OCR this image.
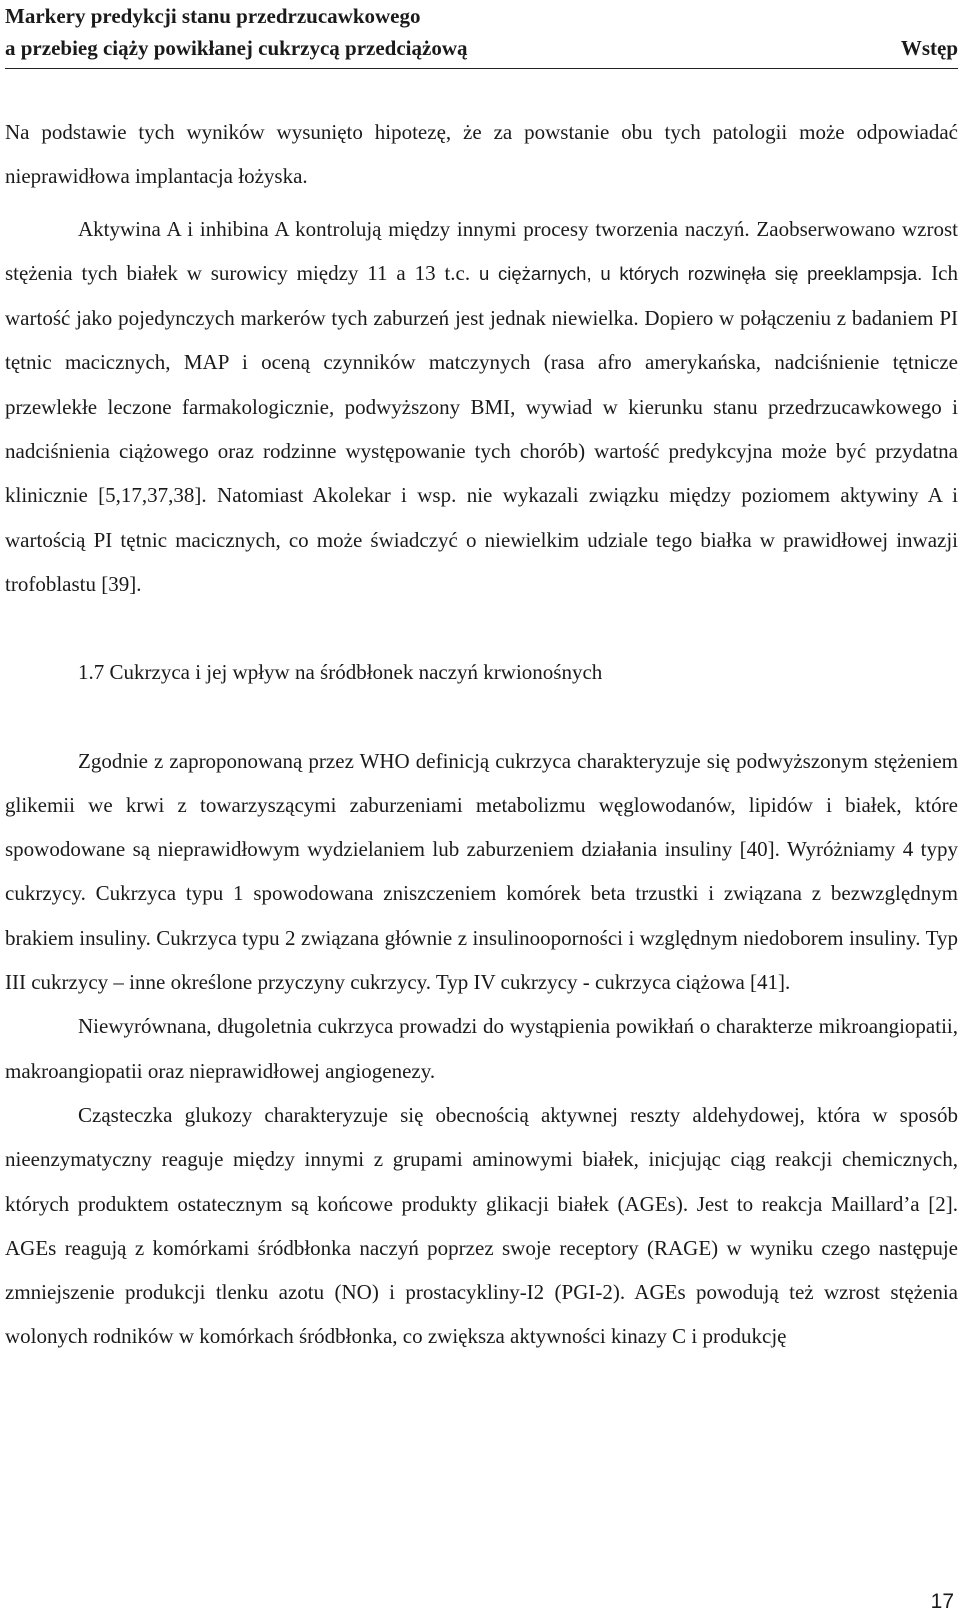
Markery predykcji stanu przedrzucawkowego
a przebieg ciąży powikłanej cukrzycą przedciążową	Wstęp

Na podstawie tych wyników wysunięto hipotezę, że za powstanie obu tych patologii może odpowiadać nieprawidłowa implantacja łożyska.

Aktywina A i inhibina A kontrolują między innymi procesy tworzenia naczyń. Zaobserwowano wzrost stężenia tych białek w surowicy między 11 a 13 t.c. u ciężarnych, u których rozwinęła się preeklampsja. Ich wartość jako pojedynczych markerów tych zaburzeń jest jednak niewielka. Dopiero w połączeniu z badaniem PI tętnic macicznych, MAP i oceną czynników matczynych (rasa afro amerykańska, nadciśnienie tętnicze przewlekłe leczone farmakologicznie, podwyższony BMI, wywiad w kierunku stanu przedrzucawkowego i nadciśnienia ciążowego oraz rodzinne występowanie tych chorób) wartość predykcyjna może być przydatna klinicznie [5,17,37,38]. Natomiast Akolekar i wsp. nie wykazali związku między poziomem aktywiny A i wartością PI tętnic macicznych, co może świadczyć o niewielkim udziale tego białka w prawidłowej inwazji trofoblastu [39].

1.7 Cukrzyca i jej wpływ na śródbłonek naczyń krwionośnych

Zgodnie z zaproponowaną przez WHO definicją cukrzyca charakteryzuje się podwyższonym stężeniem glikemii we krwi z towarzyszącymi zaburzeniami metabolizmu węglowodanów, lipidów i białek, które spowodowane są nieprawidłowym wydzielaniem lub zaburzeniem działania insuliny [40]. Wyróżniamy 4 typy cukrzycy. Cukrzyca typu 1 spowodowana zniszczeniem komórek beta trzustki i związana z bezwzględnym brakiem insuliny. Cukrzyca typu 2 związana głównie z insulinooporności i względnym niedoborem insuliny. Typ III cukrzycy – inne określone przyczyny cukrzycy. Typ IV cukrzycy - cukrzyca ciążowa [41].

Niewyrównana, długoletnia cukrzyca prowadzi do wystąpienia powikłań o charakterze mikroangiopatii, makroangiopatii oraz nieprawidłowej angiogenezy.

Cząsteczka glukozy charakteryzuje się obecnością aktywnej reszty aldehydowej, która w sposób nieenzymatyczny reaguje między innymi z grupami aminowymi białek, inicjując ciąg reakcji chemicznych, których produktem ostatecznym są końcowe produkty glikacji białek (AGEs). Jest to reakcja Maillard’a [2]. AGEs reagują z komórkami śródbłonka naczyń poprzez swoje receptory (RAGE) w wyniku czego następuje zmniejszenie produkcji tlenku azotu (NO) i prostacykliny-I2 (PGI-2). AGEs powodują też wzrost stężenia wolonych rodników w komórkach śródbłonka, co zwiększa aktywności kinazy C i produkcję

17
